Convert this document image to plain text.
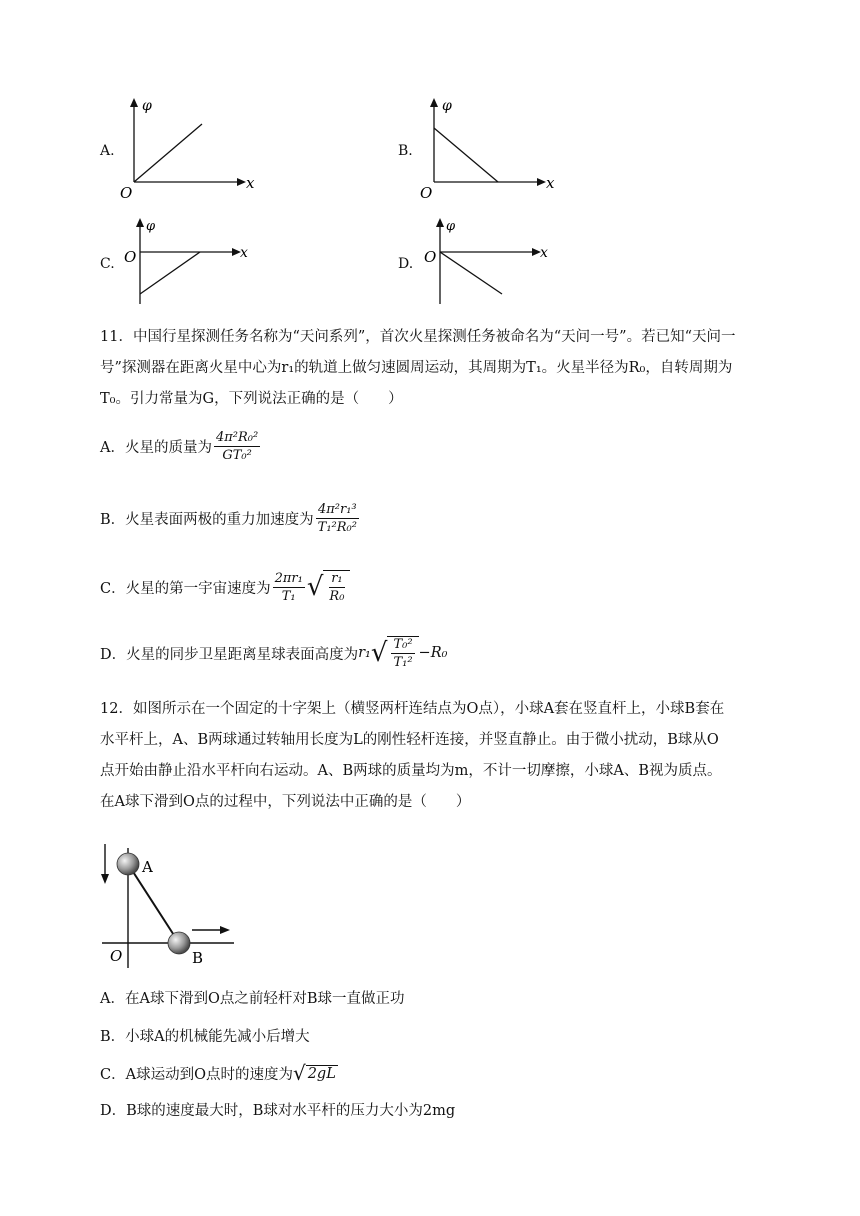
A.
φ
x
O
B.
φ
x
O
C.
φ
x
O	D.
φ
x
O
11．中国行星探测任务名称为“天问系列”，首次火星探测任务被命名为“天问一号”。若已知“天问一
号”探测器在距离火星中心为r₁的轨道上做匀速圆周运动，其周期为T₁。火星半径为R₀，自转周期为
T₀。引力常量为G，下列说法正确的是（　　）
A．火星的质量为 $\frac{\text{4π²R₀²}}{\text{GT₀²}}$
B．火星表面两极的重力加速度为 $\frac{\text{4π²r₁³}}{\text{T₁²R₀²}}$
C．火星的第一宇宙速度为 $\frac{\text{2πr₁}}{\text{T₁}}$ √ $\frac{\text{r₁}}{\text{R₀}}$
D．火星的同步卫星距离星球表面高度为 r₁ √ $\frac{\text{T₀²}}{\text{T₁²}} -R_0$
12．如图所示在一个固定的十字架上（横竖两杆连结点为O点），小球A套在竖直杆上，小球B套在
水平杆上，A、B两球通过转轴用长度为L的刚性轻杆连接，并竖直静止。由于微小扰动，B球从O
点开始由静止沿水平杆向右运动。A、B两球的质量均为m，不计一切摩擦，小球A、B视为质点。
在A球下滑到O点的过程中，下列说法中正确的是（　　）
A
B
O
A．在A球下滑到O点之前轻杆对B球一直做正功
B．小球A的机械能先减小后增大
C．A球运动到O点时的速度为 √ 2gL
D．B球的速度最大时，B球对水平杆的压力大小为2mg
